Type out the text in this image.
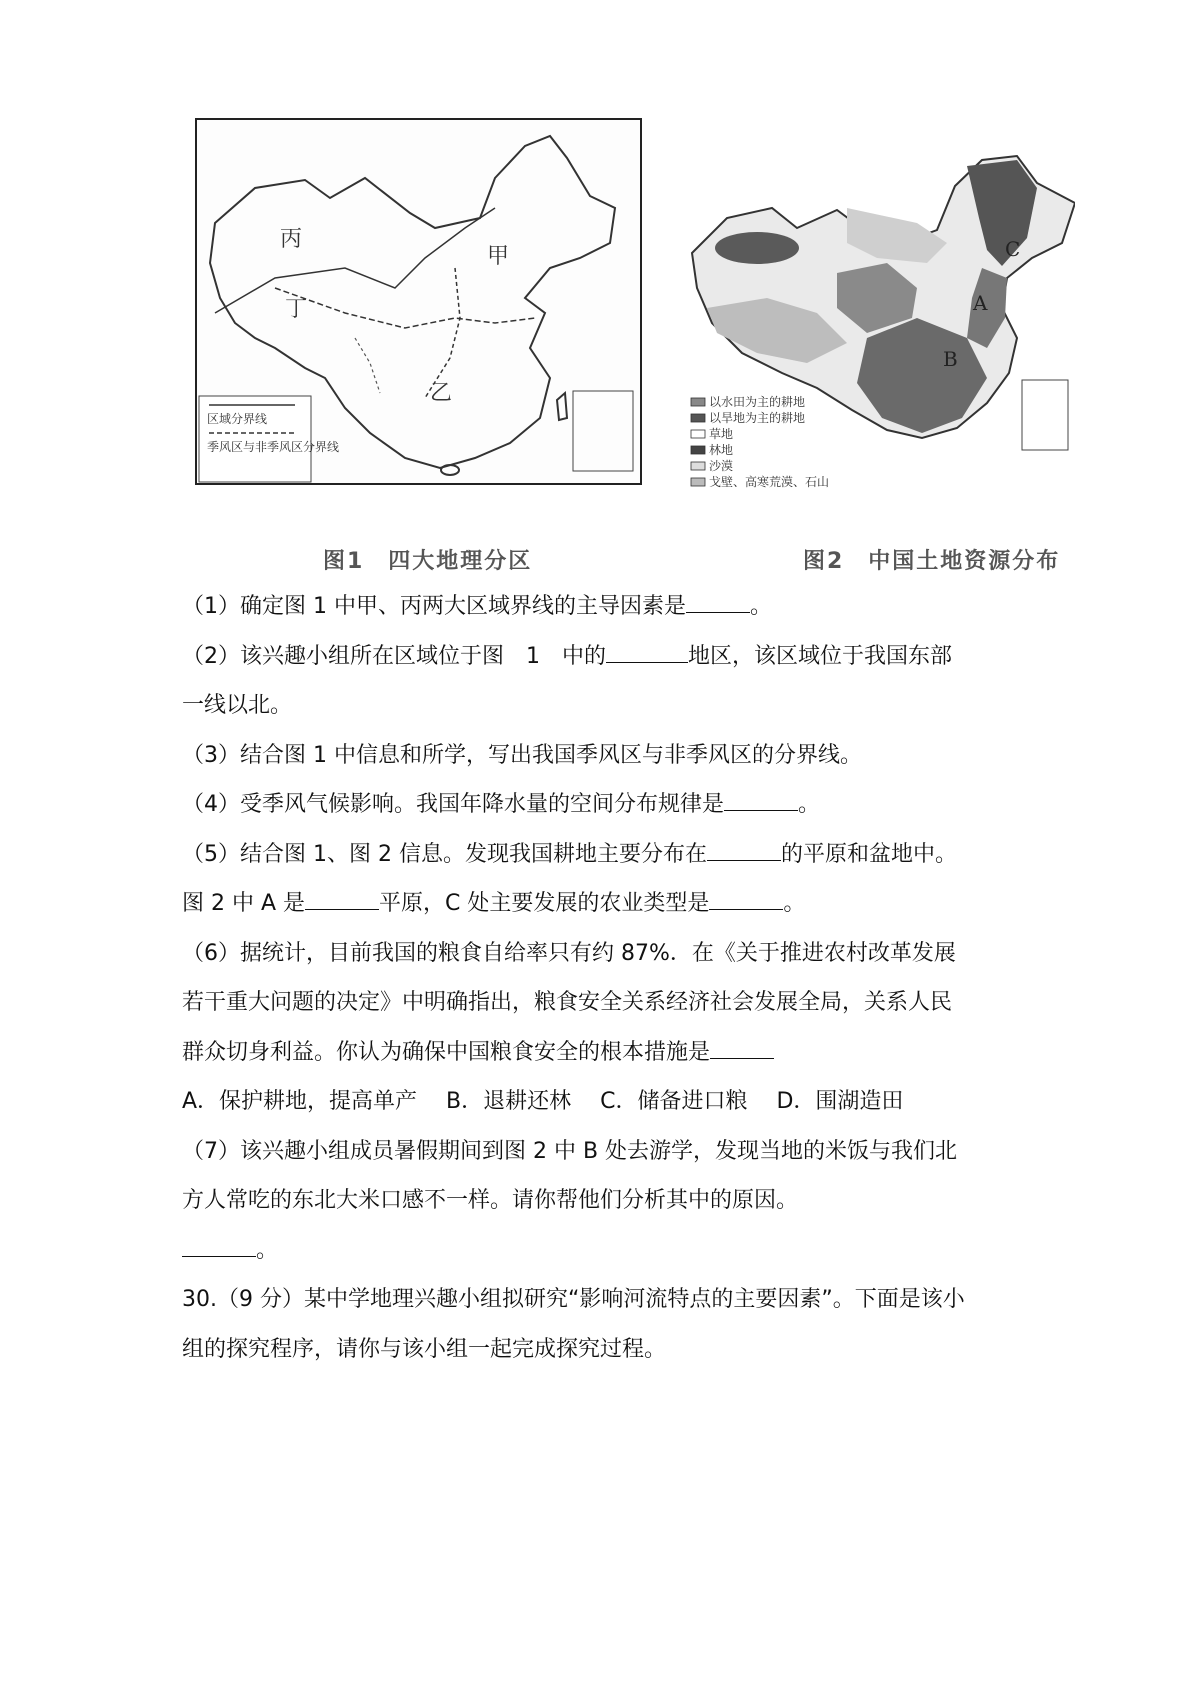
丙
甲
丁
乙
区域分界线
季风区与非季风区分界线
C
A
B
以水田为主的耕地
以旱地为主的耕地
草地
林地
沙漠
戈壁、高寒荒漠、石山
图1　四大地理分区	图2　中国土地资源分布
（1）确定图 1 中甲、丙两大区域界线的主导因素是	。
（2）该兴趣小组所在区域位于图　1　中的	地区，该区域位于我国东部
一线以北。
（3）结合图 1 中信息和所学，写出我国季风区与非季风区的分界线。
（4）受季风气候影响。我国年降水量的空间分布规律是	。
（5）结合图 1、图 2 信息。发现我国耕地主要分布在	的平原和盆地中。
图 2 中 A 是	平原，C 处主要发展的农业类型是	。
（6）据统计，目前我国的粮食自给率只有约 87%．在《关于推进农村改革发展
若干重大问题的决定》中明确指出，粮食安全关系经济社会发展全局，关系人民
群众切身利益。你认为确保中国粮食安全的根本措施是
A．保护耕地，提高单产　 B．退耕还林　 C．储备进口粮　 D．围湖造田
（7）该兴趣小组成员暑假期间到图 2 中 B 处去游学，发现当地的米饭与我们北
方人常吃的东北大米口感不一样。请你帮他们分析其中的原因。
。
30.（9 分）某中学地理兴趣小组拟研究“影响河流特点的主要因素”。下面是该小
组的探究程序，请你与该小组一起完成探究过程。
